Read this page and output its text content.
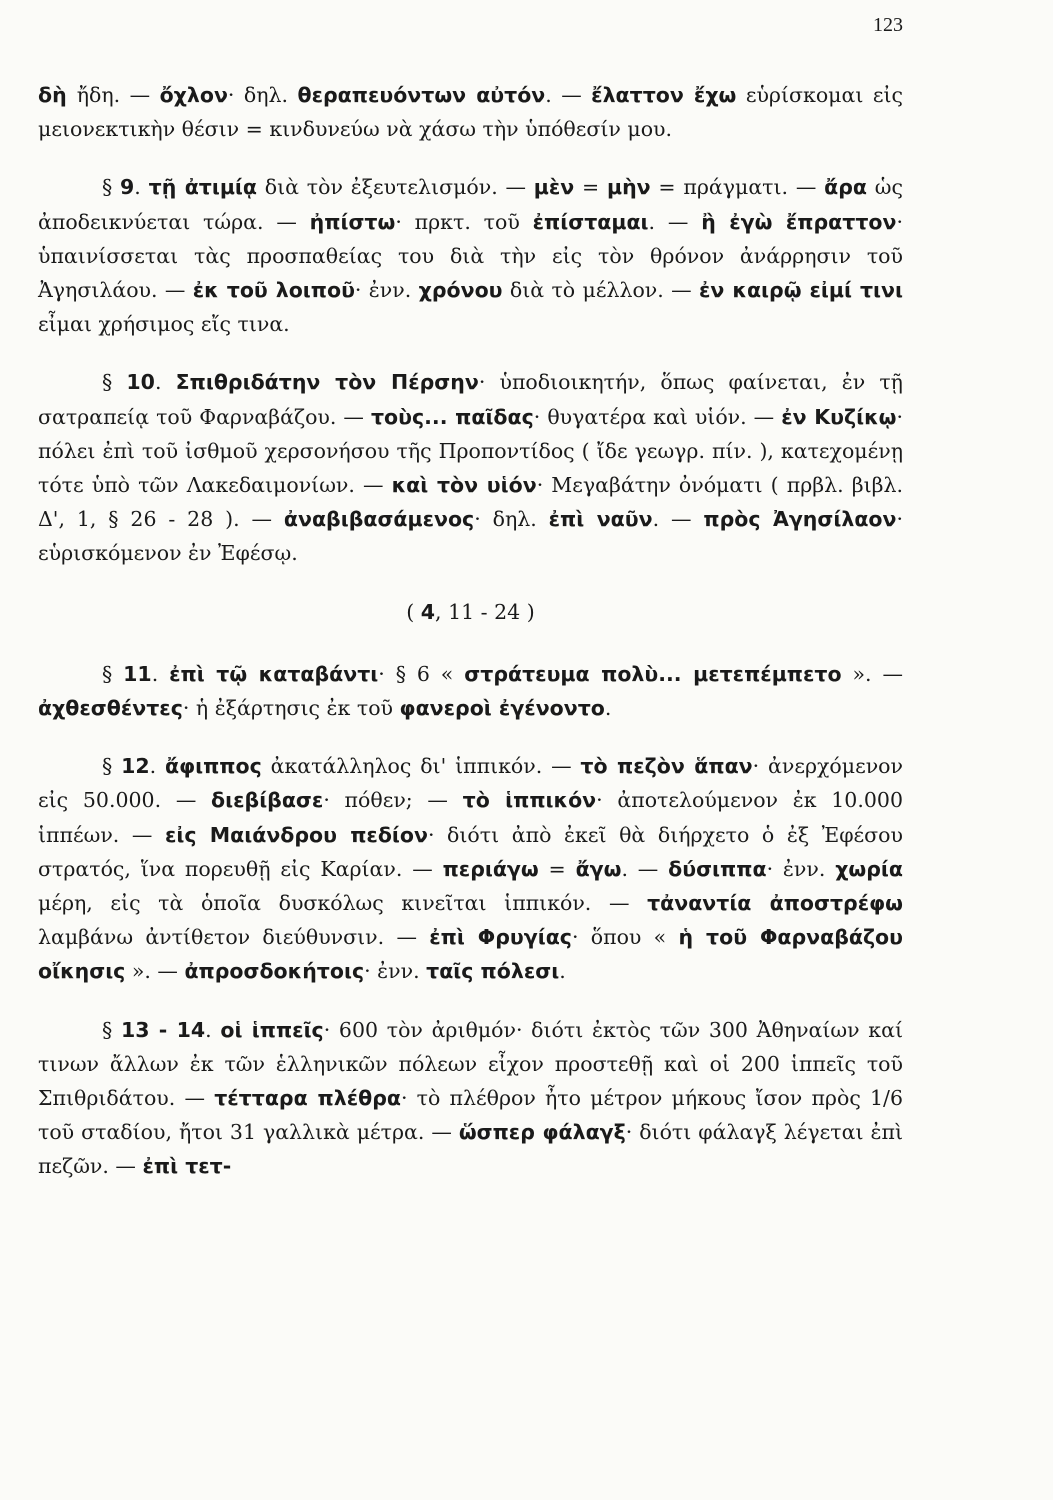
123

δὴ ἤδη. — ὄχλον· δηλ. θεραπευόντων αὐτόν. — ἔλαττον ἔχω εὑρίσκομαι εἰς μειονεκτικὴν θέσιν = κινδυνεύω νὰ χάσω τὴν ὑπόθεσίν μου.

§ 9. τῇ ἀτιμίᾳ διὰ τὸν ἐξευτελισμόν. — μὲν = μὴν = πράγματι. — ἄρα ὡς ἀποδεικνύεται τώρα. — ἠπίστω· πρκτ. τοῦ ἐπίσταμαι. — ἢ ἐγὼ ἔπραττον· ὑπαινίσσεται τὰς προσπαθείας του διὰ τὴν εἰς τὸν θρόνον ἀνάρρησιν τοῦ Ἀγησιλάου. — ἐκ τοῦ λοιποῦ· ἐνν. χρόνου διὰ τὸ μέλλον. — ἐν καιρῷ εἰμί τινι εἶμαι χρήσιμος εἴς τινα.

§ 10. Σπιθριδάτην τὸν Πέρσην· ὑποδιοικητήν, ὅπως φαίνεται, ἐν τῇ σατραπείᾳ τοῦ Φαρναβάζου. — τοὺς... παῖδας· θυγατέρα καὶ υἱόν. — ἐν Κυζίκῳ· πόλει ἐπὶ τοῦ ἰσθμοῦ χερσονήσου τῆς Προποντίδος ( ἴδε γεωγρ. πίν. ), κατεχομένῃ τότε ὑπὸ τῶν Λακεδαιμονίων. — καὶ τὸν υἱόν· Μεγαβάτην ὀνόματι ( πρβλ. βιβλ. Δ', 1, § 26 - 28 ). — ἀναβιβασάμενος· δηλ. ἐπὶ ναῦν. — πρὸς Ἀγησίλαον· εὑρισκόμενον ἐν Ἐφέσῳ.

( 4, 11 - 24 )

§ 11. ἐπὶ τῷ καταβάντι· § 6 « στράτευμα πολὺ... μετεπέμπετο ». — ἀχθεσθέντες· ἡ ἐξάρτησις ἐκ τοῦ φανεροὶ ἐγένοντο.

§ 12. ἄφιππος ἀκατάλληλος δι' ἱππικόν. — τὸ πεζὸν ἅπαν· ἀνερχόμενον εἰς 50.000. — διεβίβασε· πόθεν; — τὸ ἱππικόν· ἀποτελούμενον ἐκ 10.000 ἱππέων. — εἰς Μαιάνδρου πεδίον· διότι ἀπὸ ἐκεῖ θὰ διήρχετο ὁ ἐξ Ἐφέσου στρατός, ἵνα πορευθῇ εἰς Καρίαν. — περιάγω = ἄγω. — δύσιππα· ἐνν. χωρία μέρη, εἰς τὰ ὁποῖα δυσκόλως κινεῖται ἱππικόν. — τἀναντία ἀποστρέφω λαμβάνω ἀντίθετον διεύθυνσιν. — ἐπὶ Φρυγίας· ὅπου « ἡ τοῦ Φαρναβάζου οἴκησις ». — ἀπροσδοκήτοις· ἐνν. ταῖς πόλεσι.

§ 13 - 14. οἱ ἱππεῖς· 600 τὸν ἀριθμόν· διότι ἐκτὸς τῶν 300 Ἀθηναίων καί τινων ἄλλων ἐκ τῶν ἑλληνικῶν πόλεων εἶχον προστεθῇ καὶ οἱ 200 ἱππεῖς τοῦ Σπιθριδάτου. — τέτταρα πλέθρα· τὸ πλέθρον ἦτο μέτρον μήκους ἴσον πρὸς 1/6 τοῦ σταδίου, ἤτοι 31 γαλλικὰ μέτρα. — ὥσπερ φάλαγξ· διότι φάλαγξ λέγεται ἐπὶ πεζῶν. — ἐπὶ τετ-
